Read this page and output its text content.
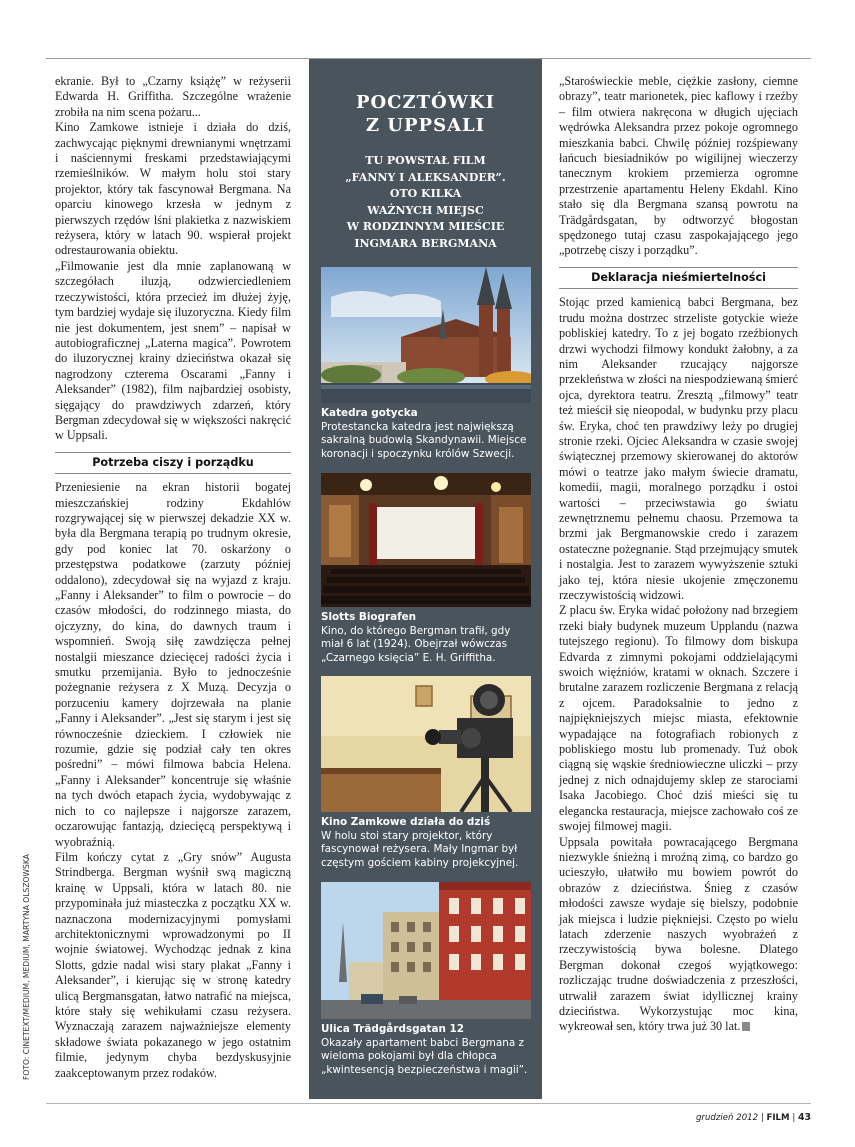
ekranie. Był to „Czarny książę” w reżyserii Edwarda H. Griffitha. Szczególne wrażenie zrobiła na nim scena pożaru...

Kino Zamkowe istnieje i działa do dziś, zachwycając pięknymi drewnianymi wnętrzami i naściennymi freskami przedstawiającymi rzemieślników. W małym holu stoi stary projektor, który tak fascynował Bergmana. Na oparciu kinowego krzesła w jednym z pierwszych rzędów lśni plakietka z nazwiskiem reżysera, który w latach 90. wspierał projekt odrestaurowania obiektu.

„Filmowanie jest dla mnie zaplanowaną w szczegółach iluzją, odzwierciedleniem rzeczywistości, która przecież im dłużej żyję, tym bardziej wydaje się iluzoryczna. Kiedy film nie jest dokumentem, jest snem” – napisał w autobiograficznej „Laterna magica”. Powrotem do iluzorycznej krainy dzieciństwa okazał się nagrodzony czterema Oscarami „Fanny i Aleksander” (1982), film najbardziej osobisty, sięgający do prawdziwych zdarzeń, który Bergman zdecydował się w większości nakręcić w Uppsali.

Potrzeba ciszy i porządku

Przeniesienie na ekran historii bogatej mieszczańskiej rodziny Ekdahlów rozgrywającej się w pierwszej dekadzie XX w. była dla Bergmana terapią po trudnym okresie, gdy pod koniec lat 70. oskarżony o przestępstwa podatkowe (zarzuty później oddalono), zdecydował się na wyjazd z kraju. „Fanny i Aleksander” to film o powrocie – do czasów młodości, do rodzinnego miasta, do ojczyzny, do kina, do dawnych traum i wspomnień. Swoją siłę zawdzięcza pełnej nostalgii mieszance dziecięcej radości życia i smutku przemijania. Było to jednocześnie pożegnanie reżysera z X Muzą. Decyzja o porzuceniu kamery dojrzewała na planie „Fanny i Aleksander”. „Jest się starym i jest się równocześnie dzieckiem. I człowiek nie rozumie, gdzie się podział cały ten okres pośredni” – mówi filmowa babcia Helena. „Fanny i Aleksander” koncentruje się właśnie na tych dwóch etapach życia, wydobywając z nich to co najlepsze i najgorsze zarazem, oczarowując fantazją, dziecięcą perspektywą i wyobraźnią.

Film kończy cytat z „Gry snów” Augusta Strindberga. Bergman wyśnił swą magiczną krainę w Uppsali, która w latach 80. nie przypominała już miasteczka z początku XX w. naznaczona modernizacyjnymi pomysłami architektonicznymi wprowadzonymi po II wojnie światowej. Wychodząc jednak z kina Slotts, gdzie nadal wisi stary plakat „Fanny i Aleksander”, i kierując się w stronę katedry ulicą Bergmansgatan, łatwo natrafić na miejsca, które stały się wehikułami czasu reżysera. Wyznaczają zarazem najważniejsze elementy składowe świata pokazanego w jego ostatnim filmie, jedynym chyba bezdyskusyjnie zaakceptowanym przez rodaków.

POCZTÓWKI
Z UPPSALI
TU POWSTAŁ FILM
„FANNY I ALEKSANDER”.
OTO KILKA
WAŻNYCH MIEJSC
W RODZINNYM MIEŚCIE
INGMARA BERGMANA
Katedra gotycka
Protestancka katedra jest największą sakralną budowlą Skandynawii. Miejsce koronacji i spoczynku królów Szwecji.
Slotts Biografen
Kino, do którego Bergman trafił, gdy miał 6 lat (1924). Obejrzał wówczas „Czarnego księcia” E. H. Griffitha.
Kino Zamkowe działa do dziś
W holu stoi stary projektor, który fascynował reżysera. Mały Ingmar był częstym gościem kabiny projekcyjnej.
Ulica Trädgårdsgatan 12
Okazały apartament babci Bergmana z wieloma pokojami był dla chłopca „kwintesencją bezpieczeństwa i magii”.

„Staroświeckie meble, ciężkie zasłony, ciemne obrazy”, teatr marionetek, piec kaflowy i rzeźby – film otwiera nakręcona w długich ujęciach wędrówka Aleksandra przez pokoje ogromnego mieszkania babci. Chwilę później rozśpiewany łańcuch biesiadników po wigilijnej wieczerzy tanecznym krokiem przemierza ogromne przestrzenie apartamentu Heleny Ekdahl. Kino stało się dla Bergmana szansą powrotu na Trädgårdsgatan, by odtworzyć błogostan spędzonego tutaj czasu zaspokajającego jego „potrzebę ciszy i porządku”.

Deklaracja nieśmiertelności

Stojąc przed kamienicą babci Bergmana, bez trudu można dostrzec strzeliste gotyckie wieże pobliskiej katedry. To z jej bogato rzeźbionych drzwi wychodzi filmowy kondukt żałobny, a za nim Aleksander rzucający najgorsze przekleństwa w złości na niespodziewaną śmierć ojca, dyrektora teatru. Zresztą „filmowy” teatr też mieścił się nieopodal, w budynku przy placu św. Eryka, choć ten prawdziwy leży po drugiej stronie rzeki. Ojciec Aleksandra w czasie swojej świątecznej przemowy skierowanej do aktorów mówi o teatrze jako małym świecie dramatu, komedii, magii, moralnego porządku i ostoi wartości – przeciwstawia go światu zewnętrznemu pełnemu chaosu. Przemowa ta brzmi jak Bergmanowskie credo i zarazem ostateczne pożegnanie. Stąd przejmujący smutek i nostalgia. Jest to zarazem wywyższenie sztuki jako tej, która niesie ukojenie zmęczonemu rzeczywistością widzowi.

Z placu św. Eryka widać położony nad brzegiem rzeki biały budynek muzeum Upplandu (nazwa tutejszego regionu). To filmowy dom biskupa Edvarda z zimnymi pokojami oddzielającymi swoich więźniów, kratami w oknach. Szczere i brutalne zarazem rozliczenie Bergmana z relacją z ojcem. Paradoksalnie to jedno z najpiękniejszych miejsc miasta, efektownie wypadające na fotografiach robionych z pobliskiego mostu lub promenady. Tuż obok ciągną się wąskie średniowieczne uliczki – przy jednej z nich odnajdujemy sklep ze starociami Isaka Jacobiego. Choć dziś mieści się tu elegancka restauracja, miejsce zachowało coś ze swojej filmowej magii.

Uppsala powitała powracającego Bergmana niezwykle śnieżną i mroźną zimą, co bardzo go ucieszyło, ułatwiło mu bowiem powrót do obrazów z dzieciństwa. Śnieg z czasów młodości zawsze wydaje się bielszy, podobnie jak miejsca i ludzie piękniejsi. Często po wielu latach zderzenie naszych wyobrażeń z rzeczywistością bywa bolesne. Dlatego Bergman dokonał czegoś wyjątkowego: rozliczając trudne doświadczenia z przeszłości, utrwalił zarazem świat idyllicznej krainy dzieciństwa. Wykorzystując moc kina, wykreował sen, który trwa już 30 lat.

FOTO: CINETEXT/MEDIUM, MEDIUM, MARTYNA OLSZOWSKA
grudzień 2012 | FILM | 43
